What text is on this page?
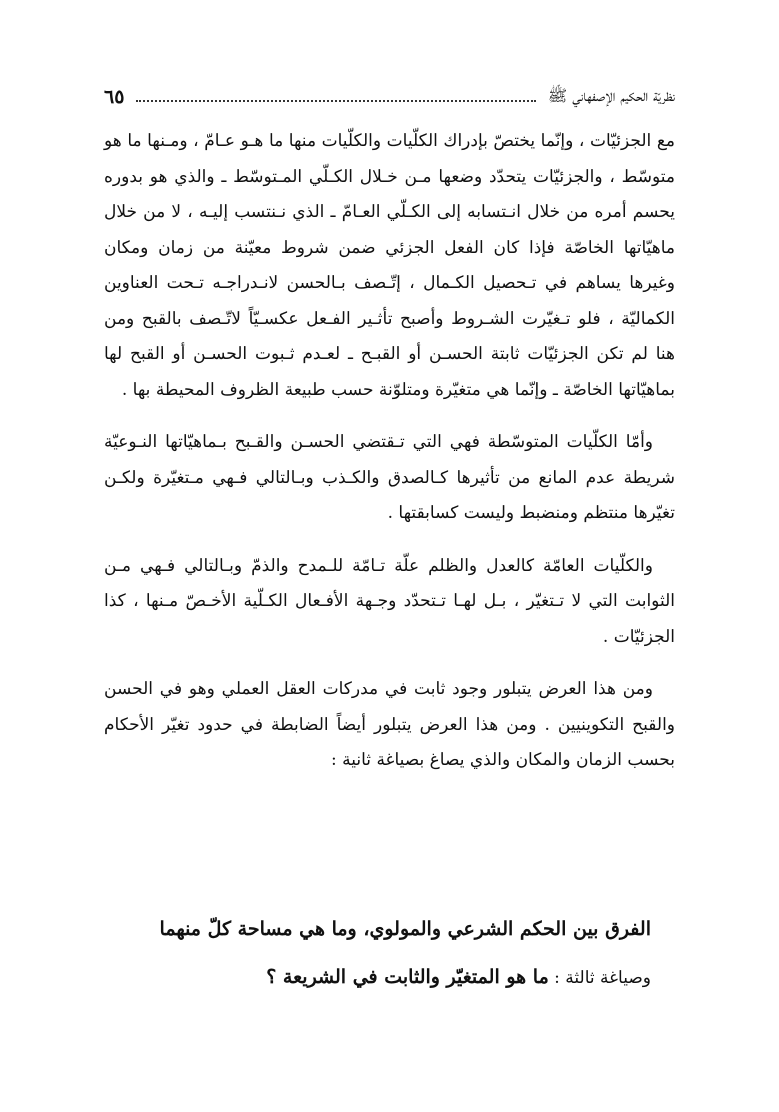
نظريّة الحكيم الإصفهاني ﷺ
٦٥

مع الجزئيّات ، وإنّما يختصّ بإدراك الكلّيات والكلّيات منها ما هـو عـامّ ، ومـنها ما هو متوسّط ، والجزئيّات يتحدّد وضعها مـن خـلال الكـلّي المـتوسّط ـ والذي هو بدوره يحسم أمره من خلال انـتسابه إلى الكـلّي العـامّ ـ الذي نـنتسب إليـه ، لا من خلال ماهيّاتها الخاصّة فإذا كان الفعل الجزئي ضمن شروط معيّنة من زمان ومكان وغيرها يساهم في تـحصيل الكـمال ، إتّـصف بـالحسن لانـدراجـه تـحت العناوين الكماليّة ، فلو تـغيّرت الشـروط وأصبح تأثـير الفـعل عكسـيّاً لاتّـصف بالقبح ومن هنا لم تكن الجزئيّات ثابتة الحسـن أو القبـح ـ لعـدم ثـبوت الحسـن أو القبح لها بماهيّاتها الخاصّة ـ وإنّما هي متغيّرة ومتلوّنة حسب طبيعة الظروف المحيطة بها .

وأمّا الكلّيات المتوسّطة فهي التي تـقتضي الحسـن والقـبح بـماهيّاتها النـوعيّة شريطة عدم المانع من تأثيرها كـالصدق والكـذب وبـالتالي فـهي مـتغيّرة ولكـن تغيّرها منتظم ومنضبط وليست كسابقتها .

والكلّيات العامّة كالعدل والظلم علّة تـامّة للـمدح والذمّ وبـالتالي فـهي مـن الثوابت التي لا تـتغيّر ، بـل لهـا تـتحدّد وجـهة الأفـعال الكـلّية الأخـصّ مـنها ، كذا الجزئيّات .

ومن هذا العرض يتبلور وجود ثابت في مدركات العقل العملي وهو في الحسن والقبح التكوينيين . ومن هذا العرض يتبلور أيضاً الضابطة في حدود تغيّر الأحكام بحسب الزمان والمكان والذي يصاغ بصياغة ثانية :

الفرق بين الحكم الشرعي والمولوي، وما هي مساحة كلّ منهما
وصياغة ثالثة : ما هو المتغيّر والثابت في الشريعة ؟
